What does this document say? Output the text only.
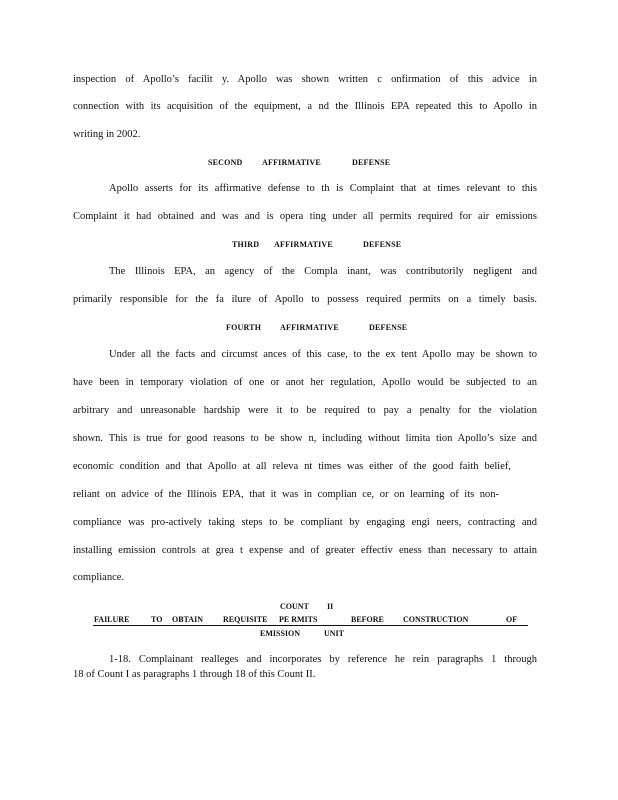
inspection of Apollo’s facilit y. Apollo was shown written c onfirmation of this advice in
connection with its acquisition of the equipment, a nd the Illinois EPA repeated this to Apollo in
writing in 2002.
SECOND AFFIRMATIVE	DEFENSE
Apollo asserts for its affirmative defense to th is Complaint that at times relevant to this
Complaint it had obtained and was and is opera ting under all permits required for air emissions
THIRD AFFIRMATIVE	DEFENSE
The Illinois EPA, an agency of the Compla inant, was contributorily negligent and
primarily responsible for the fa ilure of Apollo to possess required permits on a timely basis.
FOURTH AFFIRMATIVE	DEFENSE
Under all the facts and circumst ances of this case, to the ex tent Apollo may be shown to
have been in temporary violation of one or anot her regulation, Apollo would be subjected to an
arbitrary and unreasonable hardship were it to be required to pay a penalty for the violation
shown. This is true for good reasons to be show n, including without limita tion Apollo’s size and
economic condition and that Apollo at all releva nt times was either of the good faith belief,
reliant on advice of the Illinois EPA, that it was in complian ce, or on learning of its non-
compliance was pro-actively taking steps to be compliant by engaging engi neers, contracting and
installing emission controls at grea t expense and of greater effectiv eness than necessary to attain
compliance.
COUNT II
FAILURE	TO OBTAIN	REQUISITE PE RMITS	BEFORE CONSTRUCTION	OF
EMISSION	UNIT
1-18. Complainant realleges and incorporates by reference he rein paragraphs 1 through
18 of Count I as paragraphs 1 through 18 of this Count II.
